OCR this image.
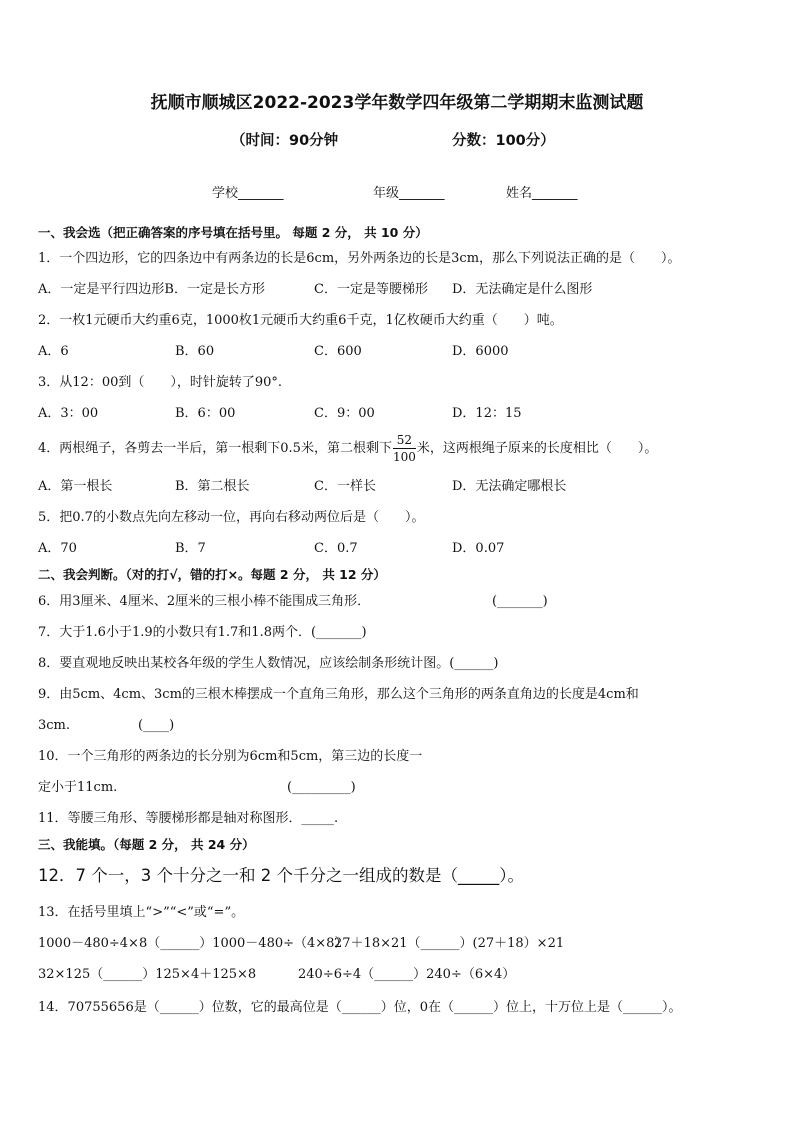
抚顺市顺城区2022-2023学年数学四年级第二学期期末监测试题
（时间：90分钟	分数：100分）
学校_______	年级_______	姓名_______
一、我会选（把正确答案的序号填在括号里。 每题 2 分， 共 10 分）
1．一个四边形，它的四条边中有两条边的长是6cm，另外两条边的长是3cm，那么下列说法正确的是（　　）。
A．一定是平行四边形B．一定是长方形	C．一定是等腰梯形 D．无法确定是什么图形
2．一枚1元硬币大约重6克，1000枚1元硬币大约重6千克，1亿枚硬币大约重（　　）吨。
A．6	B．60	C．600	D．6000
3．从12：00到（　　），时针旋转了90°.
A．3：00	B．6：00	C．9：00	D．12：15
4．两根绳子，各剪去一半后，第一根剩下0.5米，第二根剩下 $\frac{52}{100}$ 米，这两根绳子原来的长度相比（　　）。
A．第一根长	B．第二根长	C．一样长	D．无法确定哪根长
5．把0.7的小数点先向左移动一位，再向右移动两位后是（　　）。
A．70	B．7	C．0.7	D．0.07
二、我会判断。（对的打√，错的打×。每题 2 分， 共 12 分）
6．用3厘米、4厘米、2厘米的三根小棒不能围成三角形．	(_______)
7．大于1.6小于1.9的小数只有1.7和1.8两个．(_______)
8．要直观地反映出某校各年级的学生人数情况，应该绘制条形统计图。(______)
9．由5cm、4cm、3cm的三根木棒摆成一个直角三角形，那么这个三角形的两条直角边的长度是4cm和
3cm.	(____)
10．一个三角形的两条边的长分别为6cm和5cm，第三边的长度一
定小于11cm.	(_________)
11．等腰三角形、等腰梯形都是轴对称图形．_____.
三、我能填。（每题 2 分， 共 24 分）
12．7 个一，3 个十分之一和 2 个千分之一组成的数是（_____）。
13．在括号里填上“>”“<”或“=”。
1000－480÷4×8（______）1000－480÷（4×8）
27＋18×21（______）(27＋18）×21
32×125（______）125×4＋125×8	240÷6÷4（______）240÷（6×4）
14．70755656是（______）位数，它的最高位是（______）位，0在（______）位上，十万位上是（______）。
